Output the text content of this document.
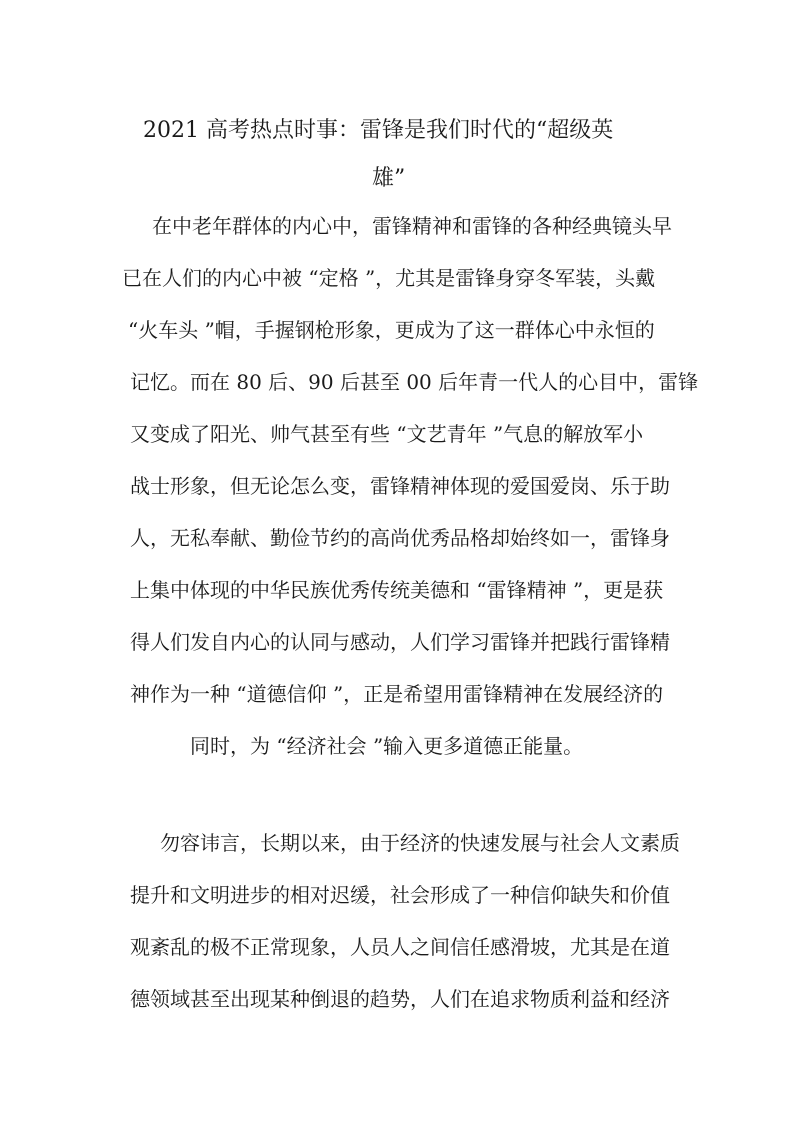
2021 高考热点时事：雷锋是我们时代的“超级英
雄”
在中老年群体的内心中，雷锋精神和雷锋的各种经典镜头早
已在人们的内心中被 “定格 ”，尤其是雷锋身穿冬军装，头戴
“火车头 ”帽，手握钢枪形象，更成为了这一群体心中永恒的
记忆。而在 80 后、90 后甚至 00 后年青一代人的心目中，雷锋
又变成了阳光、帅气甚至有些 “文艺青年 ”气息的解放军小
战士形象，但无论怎么变，雷锋精神体现的爱国爱岗、乐于助
人，无私奉献、勤俭节约的高尚优秀品格却始终如一，雷锋身
上集中体现的中华民族优秀传统美德和 “雷锋精神 ”，更是获
得人们发自内心的认同与感动，人们学习雷锋并把践行雷锋精
神作为一种 “道德信仰 ”，正是希望用雷锋精神在发展经济的
同时，为 “经济社会 ”输入更多道德正能量。
勿容讳言，长期以来，由于经济的快速发展与社会人文素质
提升和文明进步的相对迟缓，社会形成了一种信仰缺失和价值
观紊乱的极不正常现象，人员人之间信任感滑坡，尤其是在道
德领域甚至出现某种倒退的趋势，人们在追求物质利益和经济
